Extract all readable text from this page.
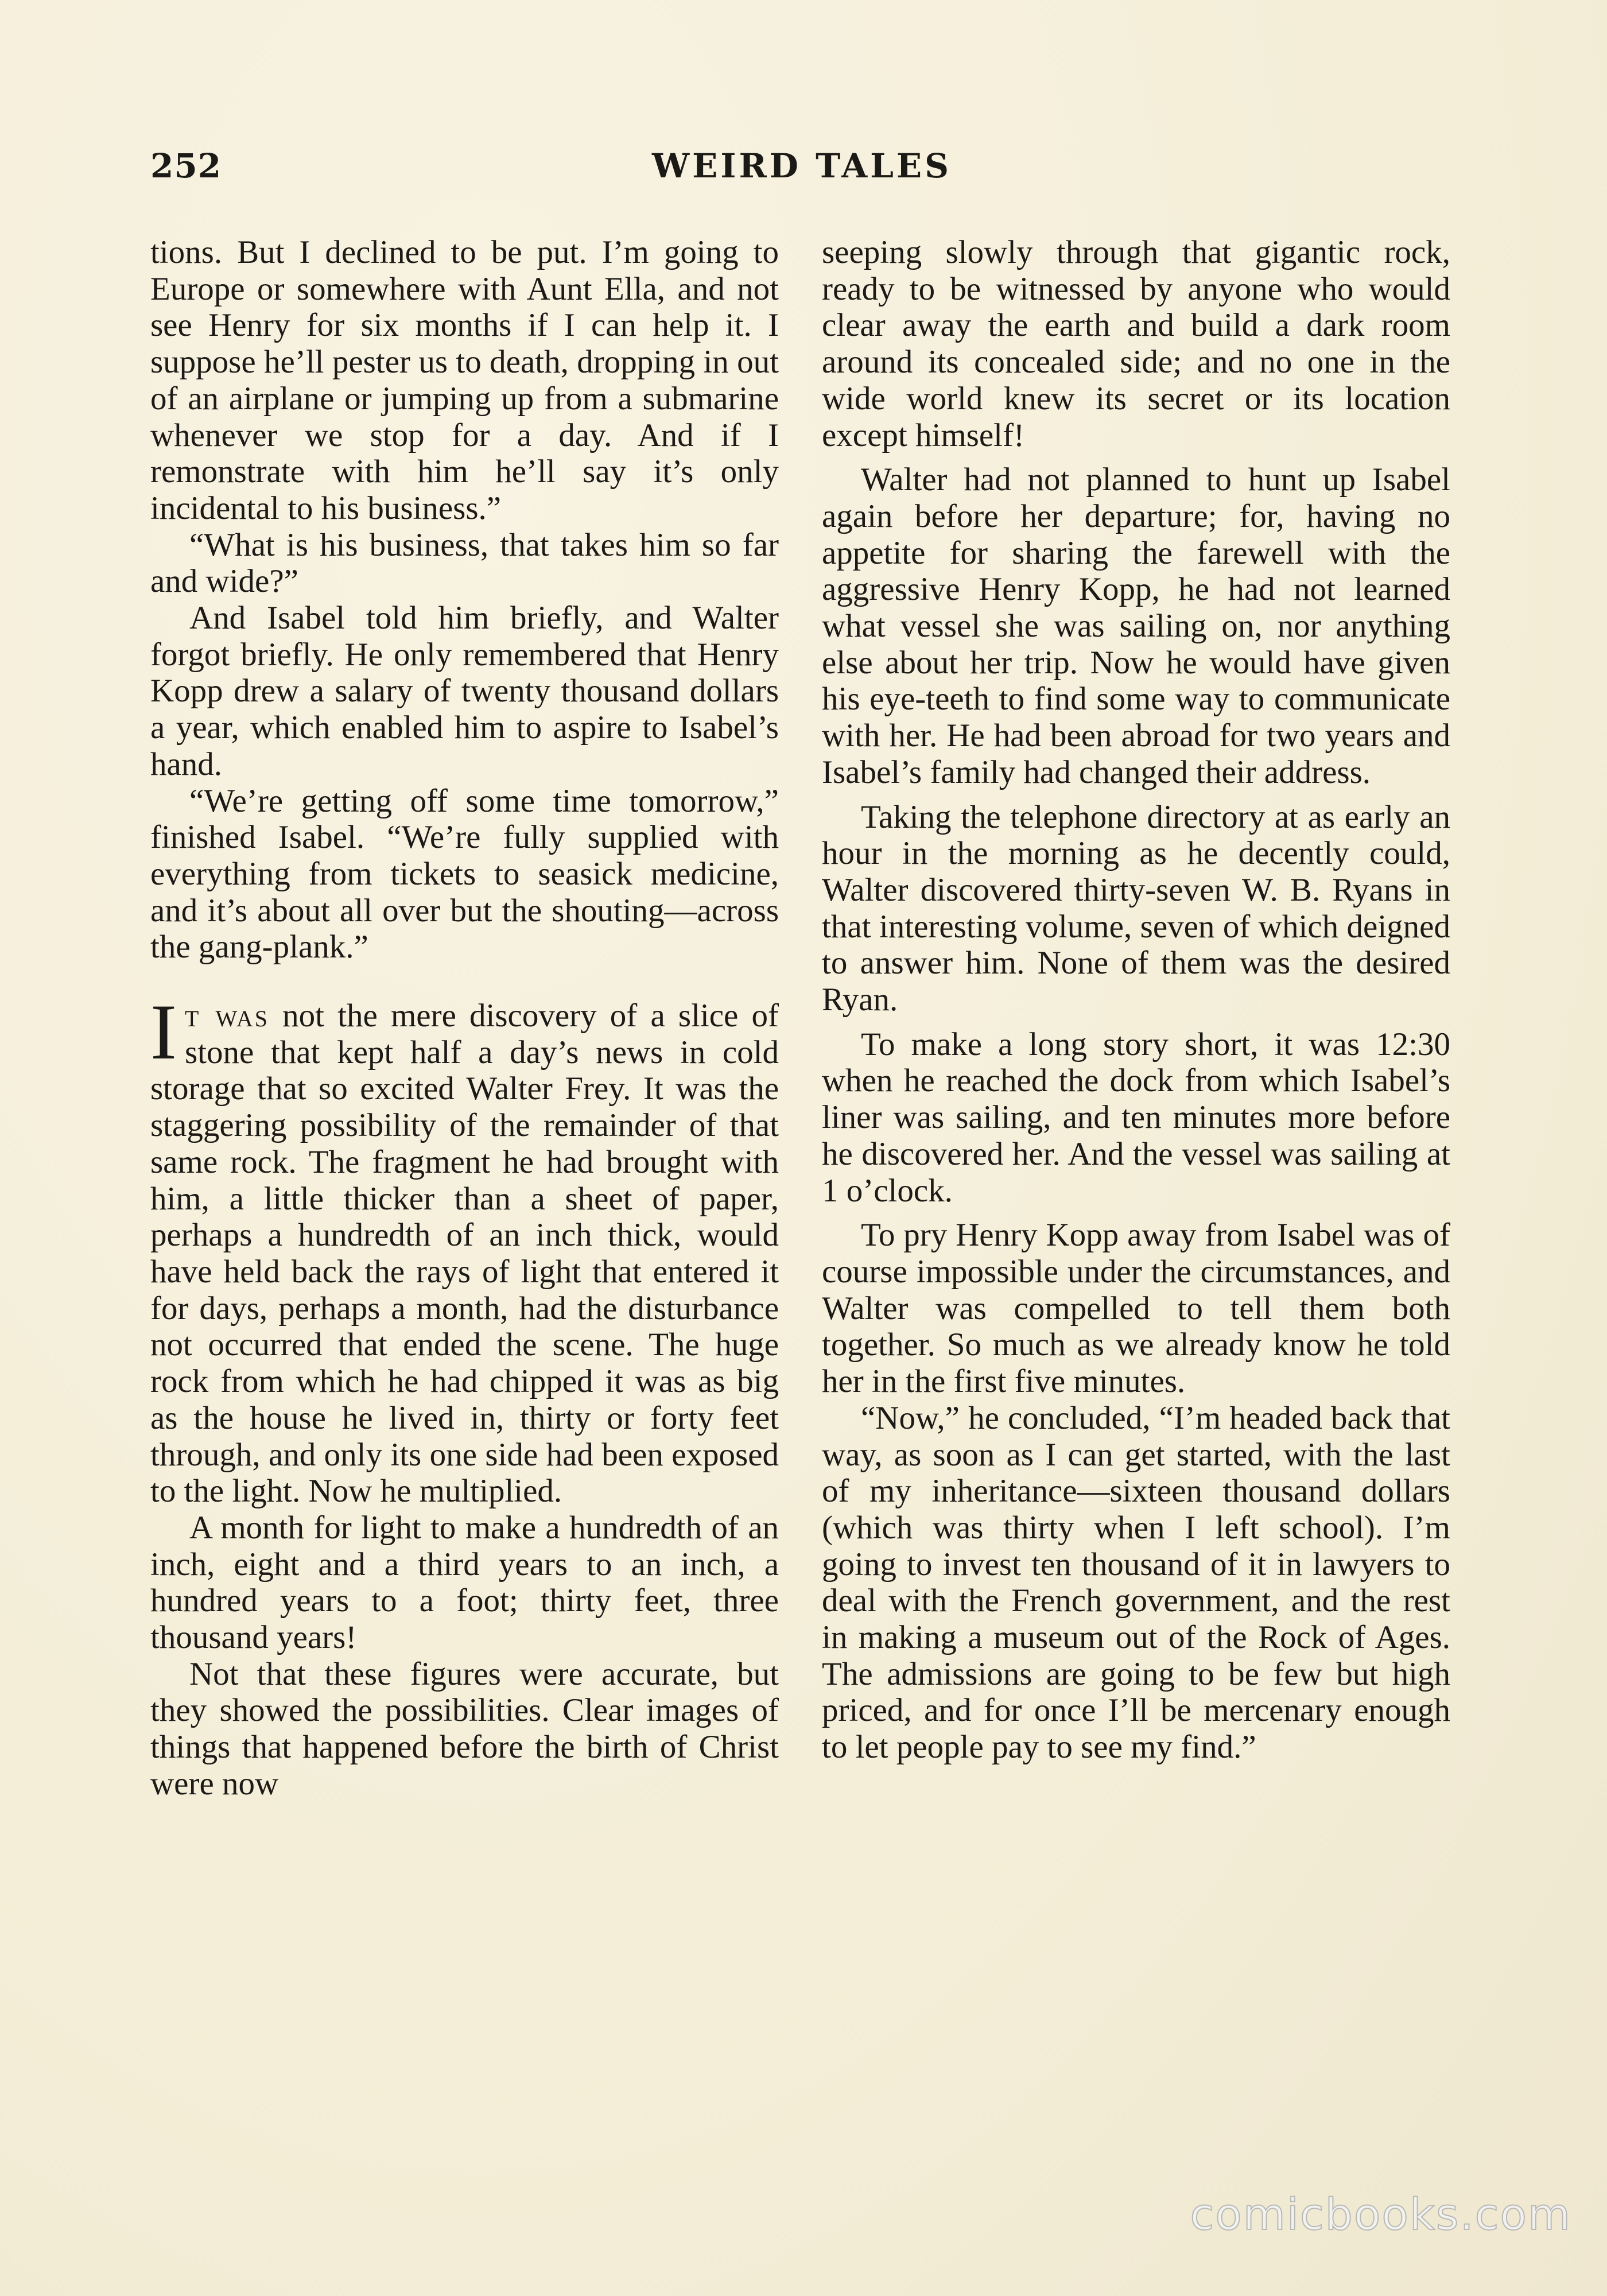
252	WEIRD TALES

tions. But I declined to be put. I’m going to Europe or somewhere with Aunt Ella, and not see Henry for six months if I can help it. I suppose he’ll pester us to death, dropping in out of an airplane or jumping up from a submarine whenever we stop for a day. And if I remonstrate with him he’ll say it’s only incidental to his business.”

“What is his business, that takes him so far and wide?”

And Isabel told him briefly, and Walter forgot briefly. He only remembered that Henry Kopp drew a salary of twenty thousand dollars a year, which enabled him to aspire to Isabel’s hand.

“We’re getting off some time tomorrow,” finished Isabel. “We’re fully supplied with everything from tickets to seasick medicine, and it’s about all over but the shouting—across the gang-plank.”

It was not the mere discovery of a slice of stone that kept half a day’s news in cold storage that so excited Walter Frey. It was the staggering possibility of the remainder of that same rock. The fragment he had brought with him, a little thicker than a sheet of paper, perhaps a hundredth of an inch thick, would have held back the rays of light that entered it for days, perhaps a month, had the disturbance not occurred that ended the scene. The huge rock from which he had chipped it was as big as the house he lived in, thirty or forty feet through, and only its one side had been exposed to the light. Now he multiplied.

A month for light to make a hundredth of an inch, eight and a third years to an inch, a hundred years to a foot; thirty feet, three thousand years!

Not that these figures were accurate, but they showed the possibilities. Clear images of things that happened before the birth of Christ were now

seeping slowly through that gigantic rock, ready to be witnessed by anyone who would clear away the earth and build a dark room around its concealed side; and no one in the wide world knew its secret or its location except himself!

Walter had not planned to hunt up Isabel again before her departure; for, having no appetite for sharing the farewell with the aggressive Henry Kopp, he had not learned what vessel she was sailing on, nor anything else about her trip. Now he would have given his eye-teeth to find some way to communicate with her. He had been abroad for two years and Isabel’s family had changed their address.

Taking the telephone directory at as early an hour in the morning as he decently could, Walter discovered thirty-seven W. B. Ryans in that interesting volume, seven of which deigned to answer him. None of them was the desired Ryan.

To make a long story short, it was 12:30 when he reached the dock from which Isabel’s liner was sailing, and ten minutes more before he discovered her. And the vessel was sailing at 1 o’clock.

To pry Henry Kopp away from Isabel was of course impossible under the circumstances, and Walter was compelled to tell them both together. So much as we already know he told her in the first five minutes.

“Now,” he concluded, “I’m headed back that way, as soon as I can get started, with the last of my inheritance—sixteen thousand dollars (which was thirty when I left school). I’m going to invest ten thousand of it in lawyers to deal with the French government, and the rest in making a museum out of the Rock of Ages. The admissions are going to be few but high priced, and for once I’ll be mercenary enough to let people pay to see my find.”

comicbooks.com
